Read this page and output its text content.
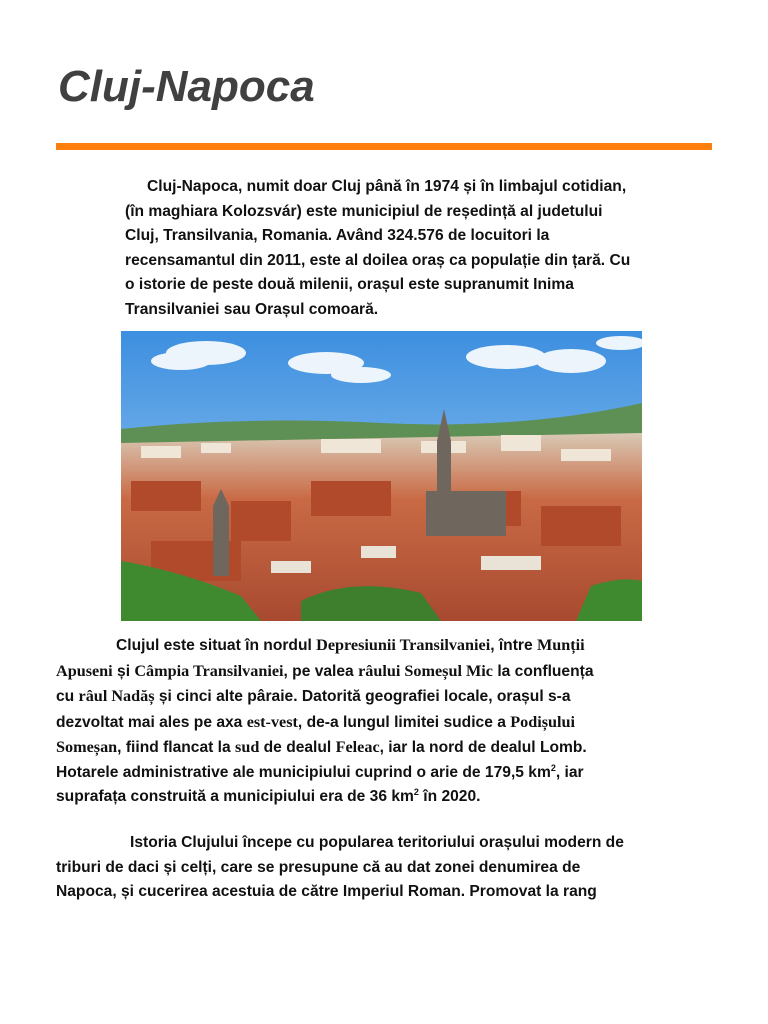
Cluj-Napoca
Cluj-Napoca, numit doar Cluj până în 1974 și în limbajul cotidian,
(în maghiara Kolozsvár) este municipiul de reședință al judetului
Cluj, Transilvania, Romania. Având 324.576 de locuitori la
recensamantul din 2011, este al doilea oraș ca populație din țară. Cu
o istorie de peste două milenii, orașul este supranumit Inima
Transilvaniei sau Orașul comoară.
Clujul este situat în nordul Depresiunii Transilvaniei, între Munții
Apuseni și Câmpia Transilvaniei, pe valea râului Someșul Mic la confluența
cu râul Nadăș și cinci alte pâraie. Datorită geografiei locale, orașul s-a
dezvoltat mai ales pe axa est-vest, de-a lungul limitei sudice a Podișului
Someșan, fiind flancat la sud de dealul Feleac, iar la nord de dealul Lomb.
Hotarele administrative ale municipiului cuprind o arie de 179,5 $km^2$, iar
suprafața construită a municipiului era de 36 $km^2$ în 2020.
Istoria Clujului începe cu popularea teritoriului orașului modern de
triburi de daci și celți, care se presupune că au dat zonei denumirea de
Napoca, și cucerirea acestuia de către Imperiul Roman. Promovat la rang
